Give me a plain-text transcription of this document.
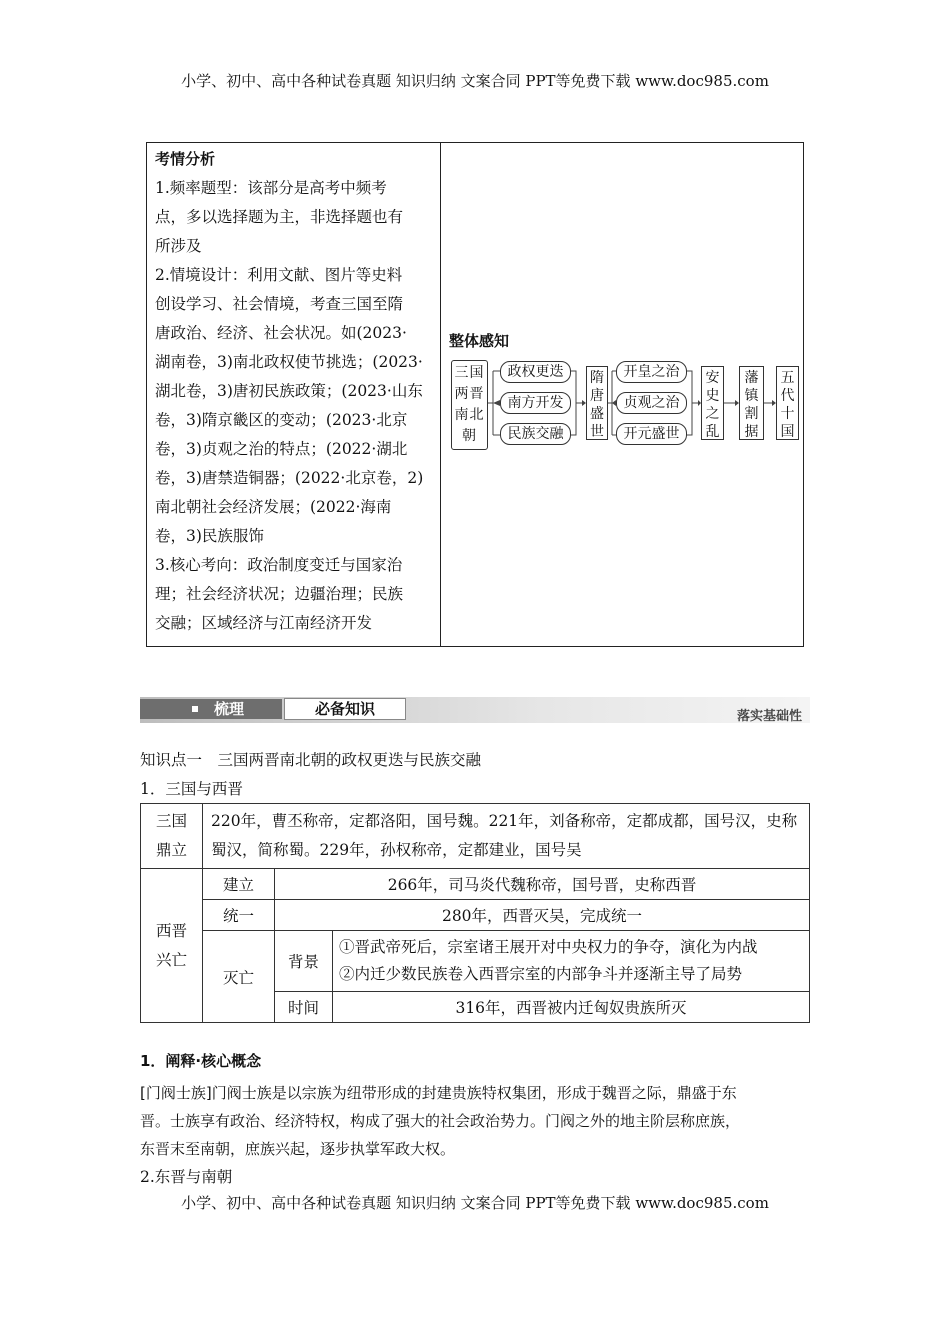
小学、初中、高中各种试卷真题 知识归纳 文案合同 PPT等免费下载 www.doc985.com
考情分析
1.频率题型：该部分是高考中频考
点，多以选择题为主，非选择题也有
所涉及
2.情境设计：利用文献、图片等史料
创设学习、社会情境，考查三国至隋
唐政治、经济、社会状况。如(2023·
湖南卷，3)南北政权使节挑选；(2023·
湖北卷，3)唐初民族政策；(2023·山东
卷，3)隋京畿区的变动；(2023·北京
卷，3)贞观之治的特点；(2022·湖北
卷，3)唐禁造铜器；(2022·北京卷，2)
南北朝社会经济发展；(2022·海南
卷，3)民族服饰
3.核心考向：政治制度变迁与国家治
理；社会经济状况；边疆治理；民族
交融；区域经济与江南经济开发
整体感知
三国两晋南北朝
政权更迭
南方开发
民族交融
隋唐盛世
开皇之治
贞观之治
开元盛世
安史之乱
藩镇割据
五代十国
梳理	必备知识	落实基础性
知识点一　三国两晋南北朝的政权更迭与民族交融
1．三国与西晋
三国鼎立	220年，曹丕称帝，定都洛阳，国号魏。221年，刘备称帝，定都成都，国号汉，史称蜀汉，简称蜀。229年，孙权称帝，定都建业，国号吴		
西晋兴亡	建立	266年，司马炎代魏称帝，国号晋，史称西晋	
	统一	280年，西晋灭吴，完成统一	
	灭亡	背景	①晋武帝死后，宗室诸王展开对中央权力的争夺，演化为内战
②内迁少数民族卷入西晋宗室的内部争斗并逐渐主导了局势

		时间	316年，西晋被内迁匈奴贵族所灭
1．阐释·核心概念
[门阀士族]门阀士族是以宗族为纽带形成的封建贵族特权集团，形成于魏晋之际，鼎盛于东
晋。士族享有政治、经济特权，构成了强大的社会政治势力。门阀之外的地主阶层称庶族，
东晋末至南朝，庶族兴起，逐步执掌军政大权。
2.东晋与南朝
小学、初中、高中各种试卷真题 知识归纳 文案合同 PPT等免费下载 www.doc985.com
